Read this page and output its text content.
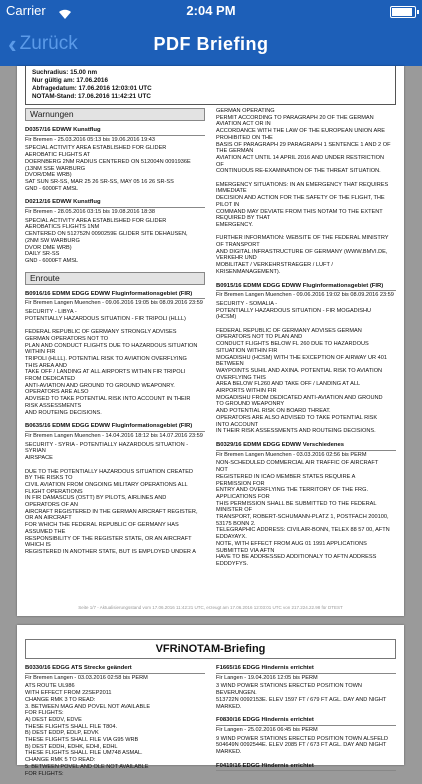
Carrier	2:04 PM
‹ Zurück	PDF Briefing
Suchradius: 15.00 nm
Nur gültig am: 17.06.2016
Abfragedatum: 17.06.2016 12:03:01 UTC
NOTAM-Stand: 17.06.2016 11:42:21 UTC
Warnungen
D0357/16 EDWW Kunstflug
Fir Bremen - 25.03.2016 05:13 bis 19.06.2016 19:43
SPECIAL ACTIVITY AREA ESTABLISHED FOR GLIDER
AEROBATIC FLIGHTS AT
DOERNBERG 2NM RADIUS CENTERED ON 512004N 0091936E
(13NM SSE WARBURG
DVOR/DME WRB)
SAT SUN SR-SS, MAR 25 26 SR-SS, MAY 05 16 26 SR-SS
GND - 6000FT AMSL
D0212/16 EDWW Kunstflug
Fir Bremen - 28.05.2016 03:15 bis 19.08.2016 18:38
SPECIAL ACTIVITY AREA ESTABLISHED FOR GLIDER
AEROBATICS FLIGHTS 1NM
CENTERED ON 512752N 0090259E GLIDER SITE DEHAUSEN,
(2NM SW WARBURG
DVOR DME WRB)
DAILY SR-SS
GND - 6000FT AMSL
Enroute
B0916/16 EDMM EDGG EDWW Fluginformationsgebiet (FIR)
Fir Bremen Langen Muenchen - 09.06.2016 19:05 bis 08.09.2016 23:59
SECURITY - LIBYA -
POTENTIALLY HAZARDOUS SITUATION - FIR TRIPOLI (HLLL)
FEDERAL REPUBLIC OF GERMANY STRONGLY ADVISES
GERMAN OPERATORS NOT TO
PLAN AND CONDUCT FLIGHTS DUE TO HAZARDOUS SITUATION
WITHIN FIR
TRIPOLI (HLLL). POTENTIAL RISK TO AVIATION OVERFLYING
THIS AREA AND
TAKE OFF / LANDING AT ALL AIRPORTS WITHIN FIR TRIPOLI
FROM DEDICATED
ANTI-AVIATION AND GROUND TO GROUND WEAPONRY.
OPERATORS ARE ALSO
ADVISED TO TAKE POTENTIAL RISK INTO ACCOUNT IN THEIR
RISK ASSESSMENTS
AND ROUTEING DECISIONS.
B0635/16 EDMM EDGG EDWW Fluginformationsgebiet (FIR)
Fir Bremen Langen Muenchen - 14.04.2016 18:12 bis 14.07.2016 23:59
SECURITY - SYRIA - POTENTIALLY HAZARDOUS SITUATION -
SYRIAN
AIRSPACE
DUE TO THE POTENTIALLY HAZARDOUS SITUATION CREATED
BY THE RISKS TO
CIVIL AVIATION FROM ONGOING MILITARY OPERATIONS ALL
FLIGHT OPERATIONS
IN FIR DAMASCUS (OSTT) BY PILOTS, AIRLINES AND
OPERATORS OF AN
AIRCRAFT REGISTERED IN THE GERMAN AIRCRAFT REGISTER,
OR AN AIRCRAFT
FOR WHICH THE FEDERAL REPUBLIC OF GERMANY HAS
ASSUMED THE
RESPONSIBILITY OF THE REGISTER STATE, OR AN AIRCRAFT
WHICH IS
REGISTERED IN ANOTHER STATE, BUT IS EMPLOYED UNDER A
GERMAN OPERATING
PERMIT ACCORDING TO PARAGRAPH 20 OF THE GERMAN
AVIATION ACT OR IN
ACCORDANCE WITH THE LAW OF THE EUROPEAN UNION ARE
PROHIBITED ON THE
BASIS OF PARAGRAPH 29 PARAGRAPH 1 SENTENCE 1 AND 2 OF
THE GERMAN
AVIATION ACT UNTIL 14 APRIL 2016 AND UNDER RESTRICTION
OF
CONTINUOUS RE-EXAMINATION OF THE THREAT SITUATION.
EMERGENCY SITUATIONS: IN AN EMERGENCY THAT REQUIRES
IMMEDIATE
DECISION AND ACTION FOR THE SAFETY OF THE FLIGHT, THE
PILOT IN
COMMAND MAY DEVIATE FROM THIS NOTAM TO THE EXTENT
REQUIRED BY THAT
EMERGENCY.
FURTHER INFORMATION: WEBSITE OF THE FEDERAL MINISTRY
OF TRANSPORT
AND DIGITAL INFRASTRUCTURE OF GERMANY (WWW.BMVI.DE,
VERKEHR UND
MOBILITAET / VERKEHRSTRAEGER / LUFT /
KRISENMANAGEMENT).
B0915/16 EDMM EDGG EDWW Fluginformationsgebiet (FIR)
Fir Bremen Langen Muenchen - 09.06.2016 19:02 bis 08.09.2016 23:59
SECURITY - SOMALIA -
POTENTIALLY HAZARDOUS SITUATION - FIR MOGADISHU
(HCSM)
FEDERAL REPUBLIC OF GERMANY ADVISES GERMAN
OPERATORS NOT TO PLAN AND
CONDUCT FLIGHTS BELOW FL 260 DUE TO HAZARDOUS
SITUATION WITHIN FIR
MOGADISHU (HCSM) WITH THE EXCEPTION OF AIRWAY UR 401
BETWEEN
WAYPOINTS SUHIL AND AXINA. POTENTIAL RISK TO AVIATION
OVERFLYING THIS
AREA BELOW FL260 AND TAKE OFF / LANDING AT ALL
AIRPORTS WITHIN FIR
MOGADISHU FROM DEDICATED ANTI-AVIATION AND GROUND
TO GROUND WEAPONRY
AND POTENTIAL RISK ON BOARD THREAT.
OPERATORS ARE ALSO ADVISED TO TAKE POTENTIAL RISK
INTO ACCOUNT
IN THEIR RISK ASSESSMENTS AND ROUTEING DECISIONS.
B0329/16 EDMM EDGG EDWW Verschiedenes
Fir Bremen Langen Muenchen - 03.03.2016 02:56 bis PERM
NON-SCHEDULED COMMERCIAL AIR TRAFFIC OF AIRCRAFT
NOT
REGISTERED IN ICAO MEMBER STATES REQUIRE A
PERMISSION FOR
ENTRY AND OVERFLYING THE TERRITORY OF THE FRG.
APPLICATIONS FOR
THIS PERMISSION SHALL BE SUBMITTED TO THE FEDERAL
MINISTER OF
TRANSPORT, ROBERT-SCHUMANN-PLATZ 1, POSTFACH 200100,
53175 BONN 2.
TELEGRAPHIC ADDRESS: CIVILAIR-BONN, TELEX 88 57 00, AFTN
EDDAYAYX.
NOTE, WITH EFFECT FROM AUG 01 1991 APPLICATIONS
SUBMITTED VIA AFTN
HAVE TO BE ADDRESSED ADDITIONALY TO AFTN ADDRESS
EDDDYFYS.
Seite 1/7 - Aktualisierungsstand vom 17.06.2016 11:42:21 UTC, erzeugt am 17.06.2016 12:03:01 UTC von 217.224.22.98 für DTEST
VFRiNOTAM-Briefing
B0330/16 EDGG ATS Strecke geändert
Fir Bremen Langen - 03.03.2016 02:58 bis PERM
ATS ROUTE UL986
WITH EFFECT FROM 22SEP2011
CHANGE RMK 3 TO READ:
3. BETWEEN MAG AND POVEL NOT AVAILABLE
FOR FLIGHTS:
A) DEST EDDV, EDVE
THESE FLIGHTS SHALL FILE T804.
B) DEST EDDP, EDLP, EDVK
THESE FLIGHTS SHALL FILE VIA G95 WRB
B) DEST EDDH, EDHK, EDHI, EDHL
THESE FLIGHTS SHALL FILE UM748 ASMAL.
CHANGE RMK 5 TO READ:
5. BETWEEN POVEL AND OLE NOT AVAILABLE
FOR FLIGHTS:
F1665/16 EDGG Hindernis errichtet
Fir Langen - 19.04.2016 12:05 bis PERM
3 WIND POWER STATIONS ERECTED POSITION TOWN
BEVERUNGEN.
513722N 0092153E. ELEV 1597 FT / 679 FT AGL. DAY AND NIGHT
MARKED.
F0830/16 EDGG Hindernis errichtet
Fir Langen - 25.02.2016 06:45 bis PERM
9 WIND POWER STATIONS ERECTED POSITION TOWN ALSFELD
504649N 0092544E. ELEV 2085 FT / 673 FT AGL. DAY AND NIGHT
MARKED.
F0419/16 EDGG Hindernis errichtet
